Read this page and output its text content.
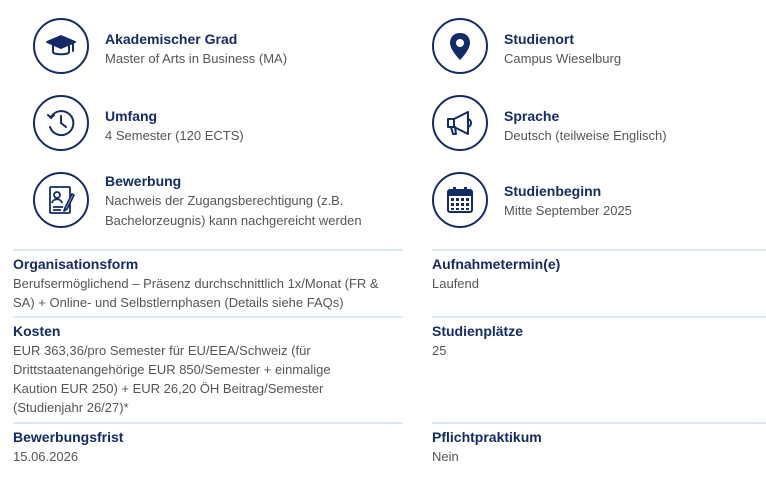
Akademischer Grad
Master of Arts in Business (MA)
Umfang
4 Semester (120 ECTS)
Bewerbung
Nachweis der Zugangsberechtigung (z.B. Bachelorzeugnis) kann nachgereicht werden
Studienort
Campus Wieselburg
Sprache
Deutsch (teilweise Englisch)
Studienbeginn
Mitte September 2025
Organisationsform
Berufsermöglichend – Präsenz durchschnittlich 1x/Monat (FR & SA) + Online- und Selbstlernphasen (Details siehe FAQs)
Aufnahmetermin(e)
Laufend
Kosten
EUR 363,36/pro Semester für EU/EEA/Schweiz (für Drittstaatenangehörige EUR 850/Semester + einmalige Kaution EUR 250) + EUR 26,20 ÖH Beitrag/Semester (Studienjahr 26/27)*
Studienplätze
25
Bewerbungsfrist
15.06.2026
Pflichtpraktikum
Nein
